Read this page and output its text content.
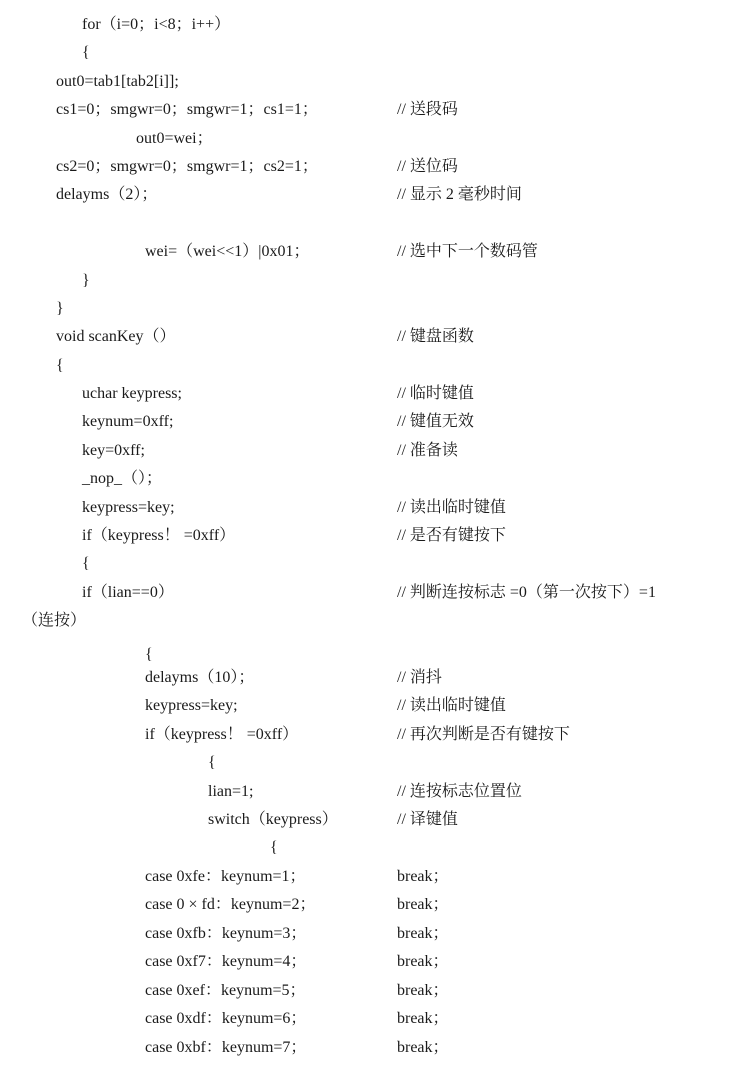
for（i=0；i<8；i++）
{
out0=tab1[tab2[i]];
cs1=0；smgwr=0；smgwr=1；cs1=1；	// 送段码
out0=wei；
cs2=0；smgwr=0；smgwr=1；cs2=1；	// 送位码
delayms（2）；	// 显示 2 毫秒时间
wei=（wei<<1）|0x01；	// 选中下一个数码管
}
}
void scanKey（）	// 键盘函数
{
uchar keypress;	// 临时键值
keynum=0xff;	// 键值无效
key=0xff;	// 准备读
_nop_（）；
keypress=key;	// 读出临时键值
if（keypress！ =0xff）	// 是否有键按下
{
if（lian==0）	// 判断连按标志 =0（第一次按下）=1
（连按）
{
delayms（10）；	// 消抖
keypress=key;	// 读出临时键值
if（keypress！ =0xff）	// 再次判断是否有键按下
{
lian=1;	// 连按标志位置位
switch（keypress）	// 译键值
{
case 0xfe：keynum=1；	break；
case 0 × fd：keynum=2；	break；
case 0xfb：keynum=3；	break；
case 0xf7：keynum=4；	break；
case 0xef：keynum=5；	break；
case 0xdf：keynum=6；	break；
case 0xbf：keynum=7；	break；
